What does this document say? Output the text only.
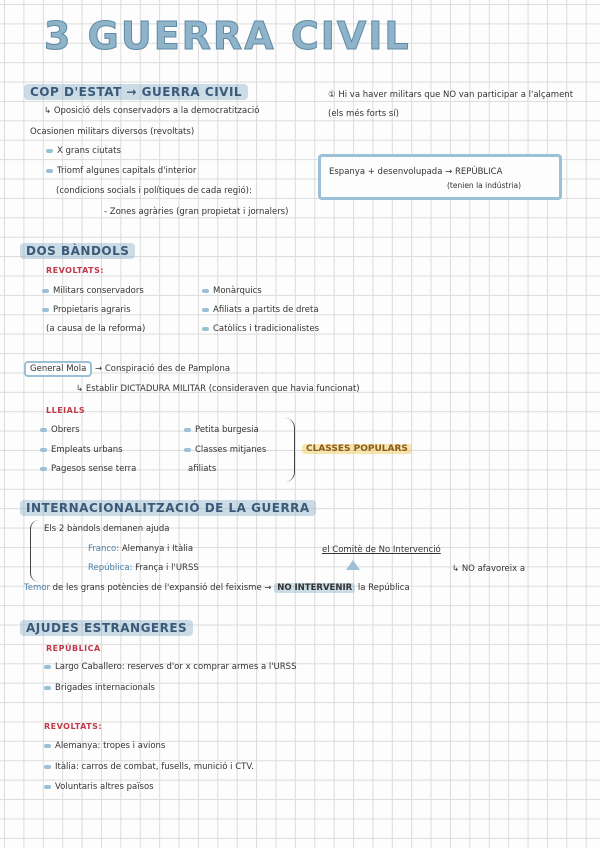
3 GUERRA CIVIL
COP D'ESTAT → GUERRA CIVIL
↳ Oposició dels conservadors a la democratització
Ocasionen militars diversos (revoltats)
X grans ciutats
Triomf algunes capitals d'interior
(condicions socials i polítiques de cada regió):
- Zones agràries (gran propietat i jornalers)
① Hi va haver militars que NO van participar a l'alçament (els més forts sí)
Espanya + desenvolupada → REPÚBLICA
(tenien la indústria)
DOS BÀNDOLS
REVOLTATS:
Militars conservadors
Propietaris agraris
(a causa de la reforma)
Monàrquics
Afiliats a partits de dreta
Catòlics i tradicionalistes
General Mola → Conspiració des de Pamplona
↳ Establir DICTADURA MILITAR (consideraven que havia funcionat)
LLEIALS
Obrers
Empleats urbans
Pagesos sense terra
Petita burgesia
Classes mitjanes
afiliats
CLASSES POPULARS
INTERNACIONALITZACIÓ DE LA GUERRA
Els 2 bàndols demanen ajuda
Franco: Alemanya i Itàlia
República: França i l'URSS
el Comitè de No Intervenció
↳ NO afavoreix a
Temor de les grans potències de l'expansió del feixisme → NO INTERVENIR la República
AJUDES ESTRANGERES
REPÚBLICA
Largo Caballero: reserves d'or x comprar armes a l'URSS
Brigades internacionals
REVOLTATS:
Alemanya: tropes i avions
Itàlia: carros de combat, fusells, munició i CTV.
Voluntaris altres països
